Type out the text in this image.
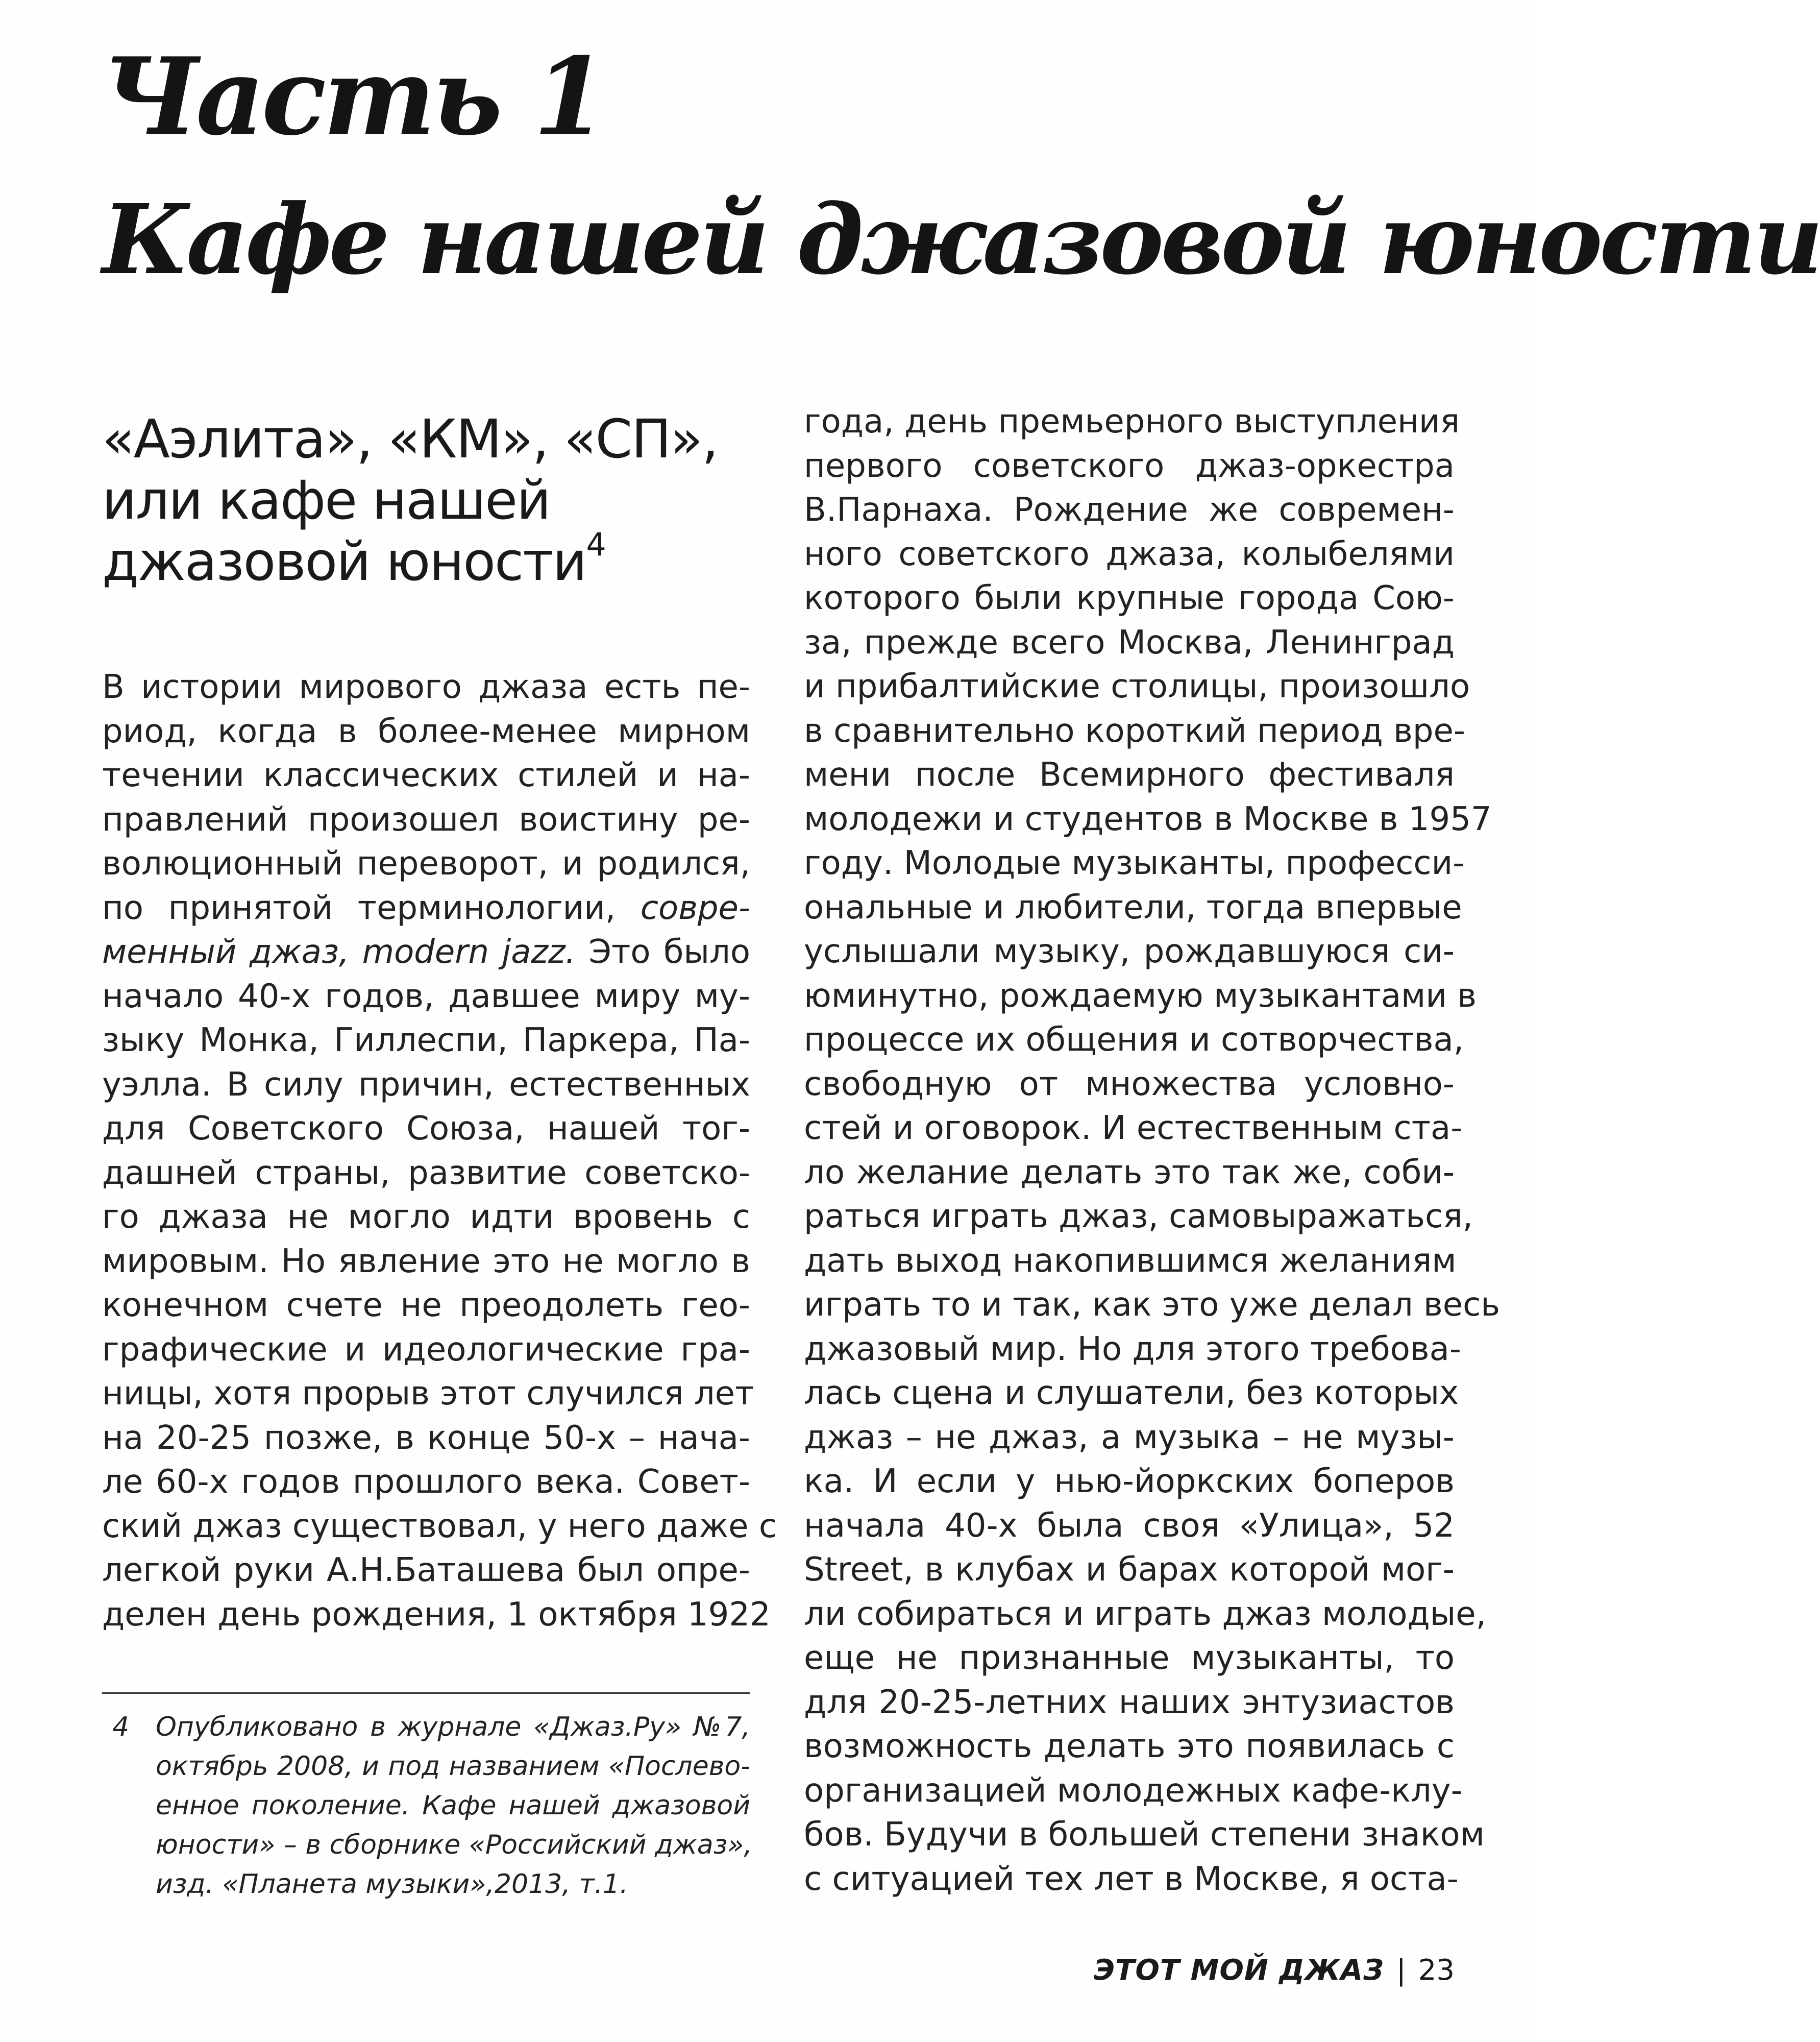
Часть 1
Кафе нашей джазовой юности
«Аэлита», «КМ», «СП»,
или кафе нашей
джазовой юности$^4$
В истории мирового джаза есть пе-
риод, когда в более-менее мирном
течении классических стилей и на-
правлений произошел воистину ре-
волюционный переворот, и родился,
по принятой терминологии, совре-
менный джаз, modern jazz. Это было
начало 40-х годов, давшее миру му-
зыку Монка, Гиллеспи, Паркера, Па-
уэлла. В силу причин, естественных
для Советского Союза, нашей тог-
дашней страны, развитие советско-
го джаза не могло идти вровень с
мировым. Но явление это не могло в
конечном счете не преодолеть гео-
графические и идеологические гра-
ницы, хотя прорыв этот случился лет
на 20-25 позже, в конце 50-х – нача-
ле 60-х годов прошлого века. Совет-
ский джаз существовал, у него даже с
легкой руки А.Н.Баташева был опре-
делен день рождения, 1 октября 1922
года, день премьерного выступления
первого советского джаз-оркестра
В.Парнаха. Рождение же современ-
ного советского джаза, колыбелями
которого были крупные города Сою-
за, прежде всего Москва, Ленинград
и прибалтийские столицы, произошло
в сравнительно короткий период вре-
мени после Всемирного фестиваля
молодежи и студентов в Москве в 1957
году. Молодые музыканты, професси-
ональные и любители, тогда впервые
услышали музыку, рождавшуюся си-
юминутно, рождаемую музыкантами в
процессе их общения и сотворчества,
свободную от множества условно-
стей и оговорок. И естественным ста-
ло желание делать это так же, соби-
раться играть джаз, самовыражаться,
дать выход накопившимся желаниям
играть то и так, как это уже делал весь
джазовый мир. Но для этого требова-
лась сцена и слушатели, без которых
джаз – не джаз, а музыка – не музы-
ка. И если у нью-йоркских боперов
начала 40-х была своя «Улица», 52
Street, в клубах и барах которой мог-
ли собираться и играть джаз молодые,
еще не признанные музыканты, то
для 20-25-летних наших энтузиастов
возможность делать это появилась с
организацией молодежных кафе-клу-
бов. Будучи в большей степени знаком
с ситуацией тех лет в Москве, я оста-
4 Опубликовано в журнале «Джаз.Ру» №7,
октябрь 2008, и под названием «Послево-
енное поколение. Кафе нашей джазовой
юности» – в сборнике «Российский джаз»,
изд. «Планета музыки»,2013, т.1.
ЭТОТ МОЙ ДЖАЗ | 23
